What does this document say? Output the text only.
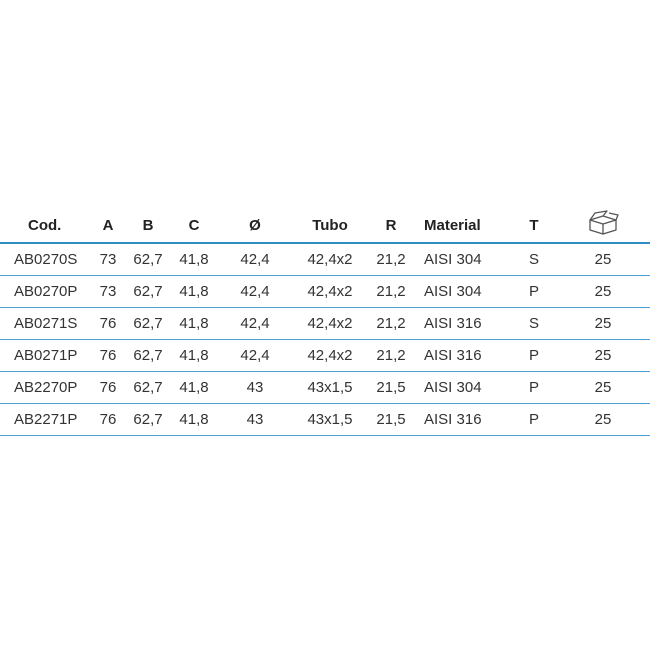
Cod.	A	B	C	Ø	Tubo	R	Material	T	
AB0270S	73	62,7	41,8	42,4	42,4x2	21,2	AISI 304	S	25
AB0270P	73	62,7	41,8	42,4	42,4x2	21,2	AISI 304	P	25
AB0271S	76	62,7	41,8	42,4	42,4x2	21,2	AISI 316	S	25
AB0271P	76	62,7	41,8	42,4	42,4x2	21,2	AISI 316	P	25
AB2270P	76	62,7	41,8	43	43x1,5	21,5	AISI 304	P	25
AB2271P	76	62,7	41,8	43	43x1,5	21,5	AISI 316	P	25
